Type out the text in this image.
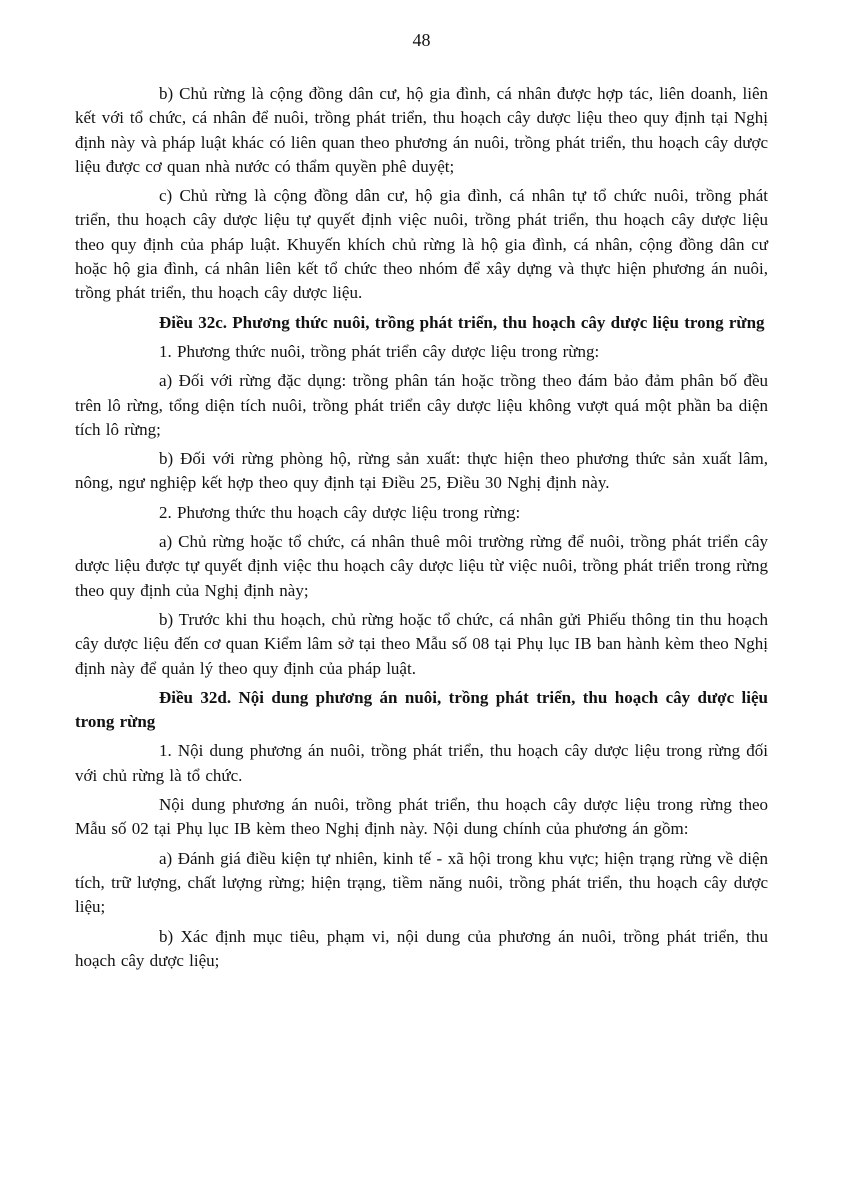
48

b) Chủ rừng là cộng đồng dân cư, hộ gia đình, cá nhân được hợp tác, liên doanh, liên kết với tổ chức, cá nhân để nuôi, trồng phát triển, thu hoạch cây dược liệu theo quy định tại Nghị định này và pháp luật khác có liên quan theo phương án nuôi, trồng phát triển, thu hoạch cây dược liệu được cơ quan nhà nước có thẩm quyền phê duyệt;

c) Chủ rừng là cộng đồng dân cư, hộ gia đình, cá nhân tự tổ chức nuôi, trồng phát triển, thu hoạch cây dược liệu tự quyết định việc nuôi, trồng phát triển, thu hoạch cây dược liệu theo quy định của pháp luật. Khuyến khích chủ rừng là hộ gia đình, cá nhân, cộng đồng dân cư hoặc hộ gia đình, cá nhân liên kết tổ chức theo nhóm để xây dựng và thực hiện phương án nuôi, trồng phát triển, thu hoạch cây dược liệu.

Điều 32c. Phương thức nuôi, trồng phát triển, thu hoạch cây dược liệu trong rừng

1. Phương thức nuôi, trồng phát triển cây dược liệu trong rừng:

a) Đối với rừng đặc dụng: trồng phân tán hoặc trồng theo đám bảo đảm phân bố đều trên lô rừng, tổng diện tích nuôi, trồng phát triển cây dược liệu không vượt quá một phần ba diện tích lô rừng;

b) Đối với rừng phòng hộ, rừng sản xuất: thực hiện theo phương thức sản xuất lâm, nông, ngư nghiệp kết hợp theo quy định tại Điều 25, Điều 30 Nghị định này.

2. Phương thức thu hoạch cây dược liệu trong rừng:

a) Chủ rừng hoặc tổ chức, cá nhân thuê môi trường rừng để nuôi, trồng phát triển cây dược liệu được tự quyết định việc thu hoạch cây dược liệu từ việc nuôi, trồng phát triển trong rừng theo quy định của Nghị định này;

b) Trước khi thu hoạch, chủ rừng hoặc tổ chức, cá nhân gửi Phiếu thông tin thu hoạch cây dược liệu đến cơ quan Kiểm lâm sở tại theo Mẫu số 08 tại Phụ lục IB ban hành kèm theo Nghị định này để quản lý theo quy định của pháp luật.

Điều 32d. Nội dung phương án nuôi, trồng phát triển, thu hoạch cây dược liệu trong rừng

1. Nội dung phương án nuôi, trồng phát triển, thu hoạch cây dược liệu trong rừng đối với chủ rừng là tổ chức.

Nội dung phương án nuôi, trồng phát triển, thu hoạch cây dược liệu trong rừng theo Mẫu số 02 tại Phụ lục IB kèm theo Nghị định này. Nội dung chính của phương án gồm:

a) Đánh giá điều kiện tự nhiên, kinh tế - xã hội trong khu vực; hiện trạng rừng về diện tích, trữ lượng, chất lượng rừng; hiện trạng, tiềm năng nuôi, trồng phát triển, thu hoạch cây dược liệu;

b) Xác định mục tiêu, phạm vi, nội dung của phương án nuôi, trồng phát triển, thu hoạch cây dược liệu;
